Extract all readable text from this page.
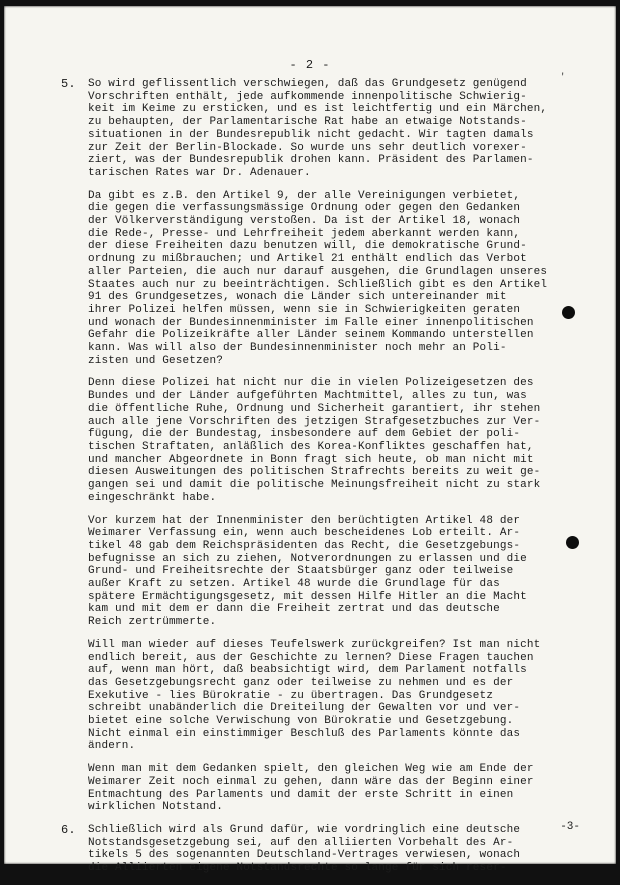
- 2 -
'
5. So wird geflissentlich verschwiegen, daß das Grundgesetz genügend
Vorschriften enthält, jede aufkommende innenpolitische Schwierig-
keit im Keime zu ersticken, und es ist leichtfertig und ein Märchen,
zu behaupten, der Parlamentarische Rat habe an etwaige Notstands-
situationen in der Bundesrepublik nicht gedacht. Wir tagten damals
zur Zeit der Berlin-Blockade. So wurde uns sehr deutlich vorexer-
ziert, was der Bundesrepublik drohen kann. Präsident des Parlamen-
tarischen Rates war Dr. Adenauer.
Da gibt es z.B. den Artikel 9, der alle Vereinigungen verbietet,
die gegen die verfassungsmässige Ordnung oder gegen den Gedanken
der Völkerverständigung verstoßen. Da ist der Artikel 18, wonach
die Rede-, Presse- und Lehrfreiheit jedem aberkannt werden kann,
der diese Freiheiten dazu benutzen will, die demokratische Grund-
ordnung zu mißbrauchen; und Artikel 21 enthält endlich das Verbot
aller Parteien, die auch nur darauf ausgehen, die Grundlagen unseres
Staates auch nur zu beeinträchtigen. Schließlich gibt es den Artikel
91 des Grundgesetzes, wonach die Länder sich untereinander mit
ihrer Polizei helfen müssen, wenn sie in Schwierigkeiten geraten
und wonach der Bundesinnenminister im Falle einer innenpolitischen
Gefahr die Polizeikräfte aller Länder seinem Kommando unterstellen
kann. Was will also der Bundesinnenminister noch mehr an Poli-
zisten und Gesetzen?
Denn diese Polizei hat nicht nur die in vielen Polizeigesetzen des
Bundes und der Länder aufgeführten Machtmittel, alles zu tun, was
die öffentliche Ruhe, Ordnung und Sicherheit garantiert, ihr stehen
auch alle jene Vorschriften des jetzigen Strafgesetzbuches zur Ver-
fügung, die der Bundestag, insbesondere auf dem Gebiet der poli-
tischen Straftaten, anläßlich des Korea-Konfliktes geschaffen hat,
und mancher Abgeordnete in Bonn fragt sich heute, ob man nicht mit
diesen Ausweitungen des politischen Strafrechts bereits zu weit ge-
gangen sei und damit die politische Meinungsfreiheit nicht zu stark
eingeschränkt habe.
Vor kurzem hat der Innenminister den berüchtigten Artikel 48 der
Weimarer Verfassung ein, wenn auch bescheidenes Lob erteilt. Ar-
tikel 48 gab dem Reichspräsidenten das Recht, die Gesetzgebungs-
befugnisse an sich zu ziehen, Notverordnungen zu erlassen und die
Grund- und Freiheitsrechte der Staatsbürger ganz oder teilweise
außer Kraft zu setzen. Artikel 48 wurde die Grundlage für das
spätere Ermächtigungsgesetz, mit dessen Hilfe Hitler an die Macht
kam und mit dem er dann die Freiheit zertrat und das deutsche
Reich zertrümmerte.
Will man wieder auf dieses Teufelswerk zurückgreifen? Ist man nicht
endlich bereit, aus der Geschichte zu lernen? Diese Fragen tauchen
auf, wenn man hört, daß beabsichtigt wird, dem Parlament notfalls
das Gesetzgebungsrecht ganz oder teilweise zu nehmen und es der
Exekutive - lies Bürokratie - zu übertragen. Das Grundgesetz
schreibt unabänderlich die Dreiteilung der Gewalten vor und ver-
bietet eine solche Verwischung von Bürokratie und Gesetzgebung.
Nicht einmal ein einstimmiger Beschluß des Parlaments könnte das
ändern.
Wenn man mit dem Gedanken spielt, den gleichen Weg wie am Ende der
Weimarer Zeit noch einmal zu gehen, dann wäre das der Beginn einer
Entmachtung des Parlaments und damit der erste Schritt in einen
wirklichen Notstand.
6. Schließlich wird als Grund dafür, wie vordringlich eine deutsche
Notstandsgesetzgebung sei, auf den alliierten Vorbehalt des Ar-
tikels 5 des sogenannten Deutschland-Vertrages verwiesen, wonach
die Alliierten eigene Notstandsrechte so lange für sich reser-
-3-
